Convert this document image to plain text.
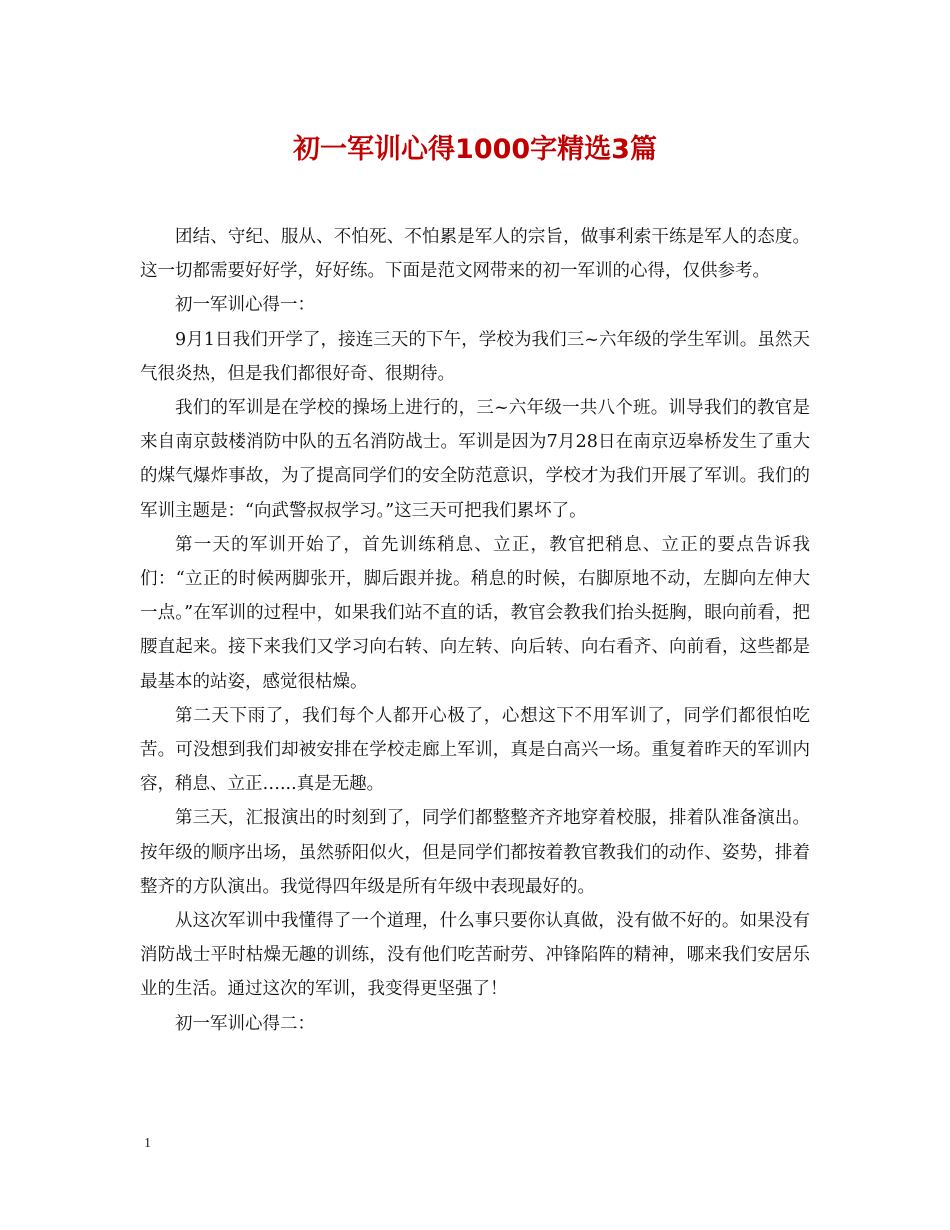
初一军训心得1000字精选3篇

团结、守纪、服从、不怕死、不怕累是军人的宗旨，做事利索干练是军人的态度。这一切都需要好好学，好好练。下面是范文网带来的初一军训的心得，仅供参考。

初一军训心得一：

9月1日我们开学了，接连三天的下午，学校为我们三~六年级的学生军训。虽然天气很炎热，但是我们都很好奇、很期待。

我们的军训是在学校的操场上进行的，三~六年级一共八个班。训导我们的教官是来自南京鼓楼消防中队的五名消防战士。军训是因为7月28日在南京迈皋桥发生了重大的煤气爆炸事故，为了提高同学们的安全防范意识，学校才为我们开展了军训。我们的军训主题是：“向武警叔叔学习。”这三天可把我们累坏了。

第一天的军训开始了，首先训练稍息、立正，教官把稍息、立正的要点告诉我们：“立正的时候两脚张开，脚后跟并拢。稍息的时候，右脚原地不动，左脚向左伸大一点。”在军训的过程中，如果我们站不直的话，教官会教我们抬头挺胸，眼向前看，把腰直起来。接下来我们又学习向右转、向左转、向后转、向右看齐、向前看，这些都是最基本的站姿，感觉很枯燥。

第二天下雨了，我们每个人都开心极了，心想这下不用军训了，同学们都很怕吃苦。可没想到我们却被安排在学校走廊上军训，真是白高兴一场。重复着昨天的军训内容，稍息、立正…...真是无趣。

第三天，汇报演出的时刻到了，同学们都整整齐齐地穿着校服，排着队准备演出。按年级的顺序出场，虽然骄阳似火，但是同学们都按着教官教我们的动作、姿势，排着整齐的方队演出。我觉得四年级是所有年级中表现最好的。

从这次军训中我懂得了一个道理，什么事只要你认真做，没有做不好的。如果没有消防战士平时枯燥无趣的训练，没有他们吃苦耐劳、冲锋陷阵的精神，哪来我们安居乐业的生活。通过这次的军训，我变得更坚强了！

初一军训心得二：

1
